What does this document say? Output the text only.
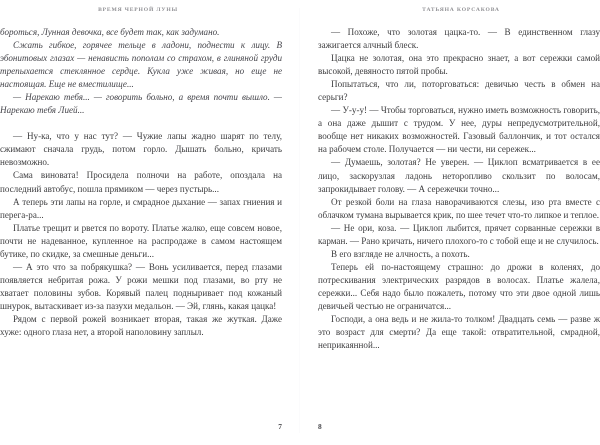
ВРЕМЯ ЧЕРНОЙ ЛУНЫ

бороться, Лунная девочка, все будет так, как задумано.

Сжать гибкое, горячее тельце в ладони, поднести к лицу. В эбонитовых глазах — ненависть пополам со страхом, в глиняной груди трепыхается стеклянное сердце. Кукла уже живая, но еще не настоящая. Еще не вместилище...

— Нарекаю тебя... — говорить больно, а время почти вышло. — Нарекаю тебя Лией...

— Ну-ка, что у нас тут? — Чужие лапы жадно шарят по телу, сжимают сначала грудь, потом горло. Дышать больно, кричать невозможно.

Сама виновата! Просидела полночи на работе, опоздала на последний автобус, пошла прямиком — через пустырь...

А теперь эти лапы на горле, и смрадное дыхание — запах гниения и перега-ра...

Платье трещит и рвется по вороту. Платье жалко, еще совсем новое, почти не надеванное, купленное на распродаже в самом настоящем бутике, по скидке, за смешные деньги...

— А это что за побрякушка? — Вонь усиливается, перед глазами появляется небритая рожа. У рожи мешки под глазами, во рту не хватает половины зубов. Корявый палец подныривает под кожаный шнурок, вытаскивает из-за пазухи медальон. — Эй, глянь, какая цацка!

Рядом с первой рожей возникает вторая, такая же жуткая. Даже хуже: одного глаза нет, а второй наполовину заплыл.

7
ТАТЬЯНА КОРСАКОВА

— Похоже, что золотая цацка-то. — В единственном глазу зажигается алчный блеск.

Цацка не золотая, она это прекрасно знает, а вот сережки самой высокой, девяносто пятой пробы.

Попытаться, что ли, поторговаться: девичью честь в обмен на серьги?

— У-у-у! — Чтобы торговаться, нужно иметь возможность говорить, а она даже дышит с трудом. У нее, дуры непредусмотрительной, вообще нет никаких возможностей. Газовый баллончик, и тот остался на рабочем столе. Получается — ни чести, ни сережек...

— Думаешь, золотая? Не уверен. — Циклоп всматривается в ее лицо, заскорузлая ладонь неторопливо скользит по волосам, запрокидывает голову. — А сережечки точно...

От резкой боли на глаза наворачиваются слезы, изо рта вместе с облачком тумана вырывается крик, по шее течет что-то липкое и теплое.

— Не ори, коза. — Циклоп лыбится, прячет сорванные сережки в карман. — Рано кричать, ничего плохого-то с тобой еще и не случилось.

В его взгляде не алчность, а похоть.

Теперь ей по-настоящему страшно: до дрожи в коленях, до потрескивания электрических разрядов в волосах. Платье жалела, сережки... Себя надо было пожалеть, потому что эти двое одной лишь девичьей честью не ограничатся...

Господи, а она ведь и не жила-то толком! Двадцать семь — разве ж это возраст для смерти? Да еще такой: отвратительной, смрадной, неприкаянной...

8
